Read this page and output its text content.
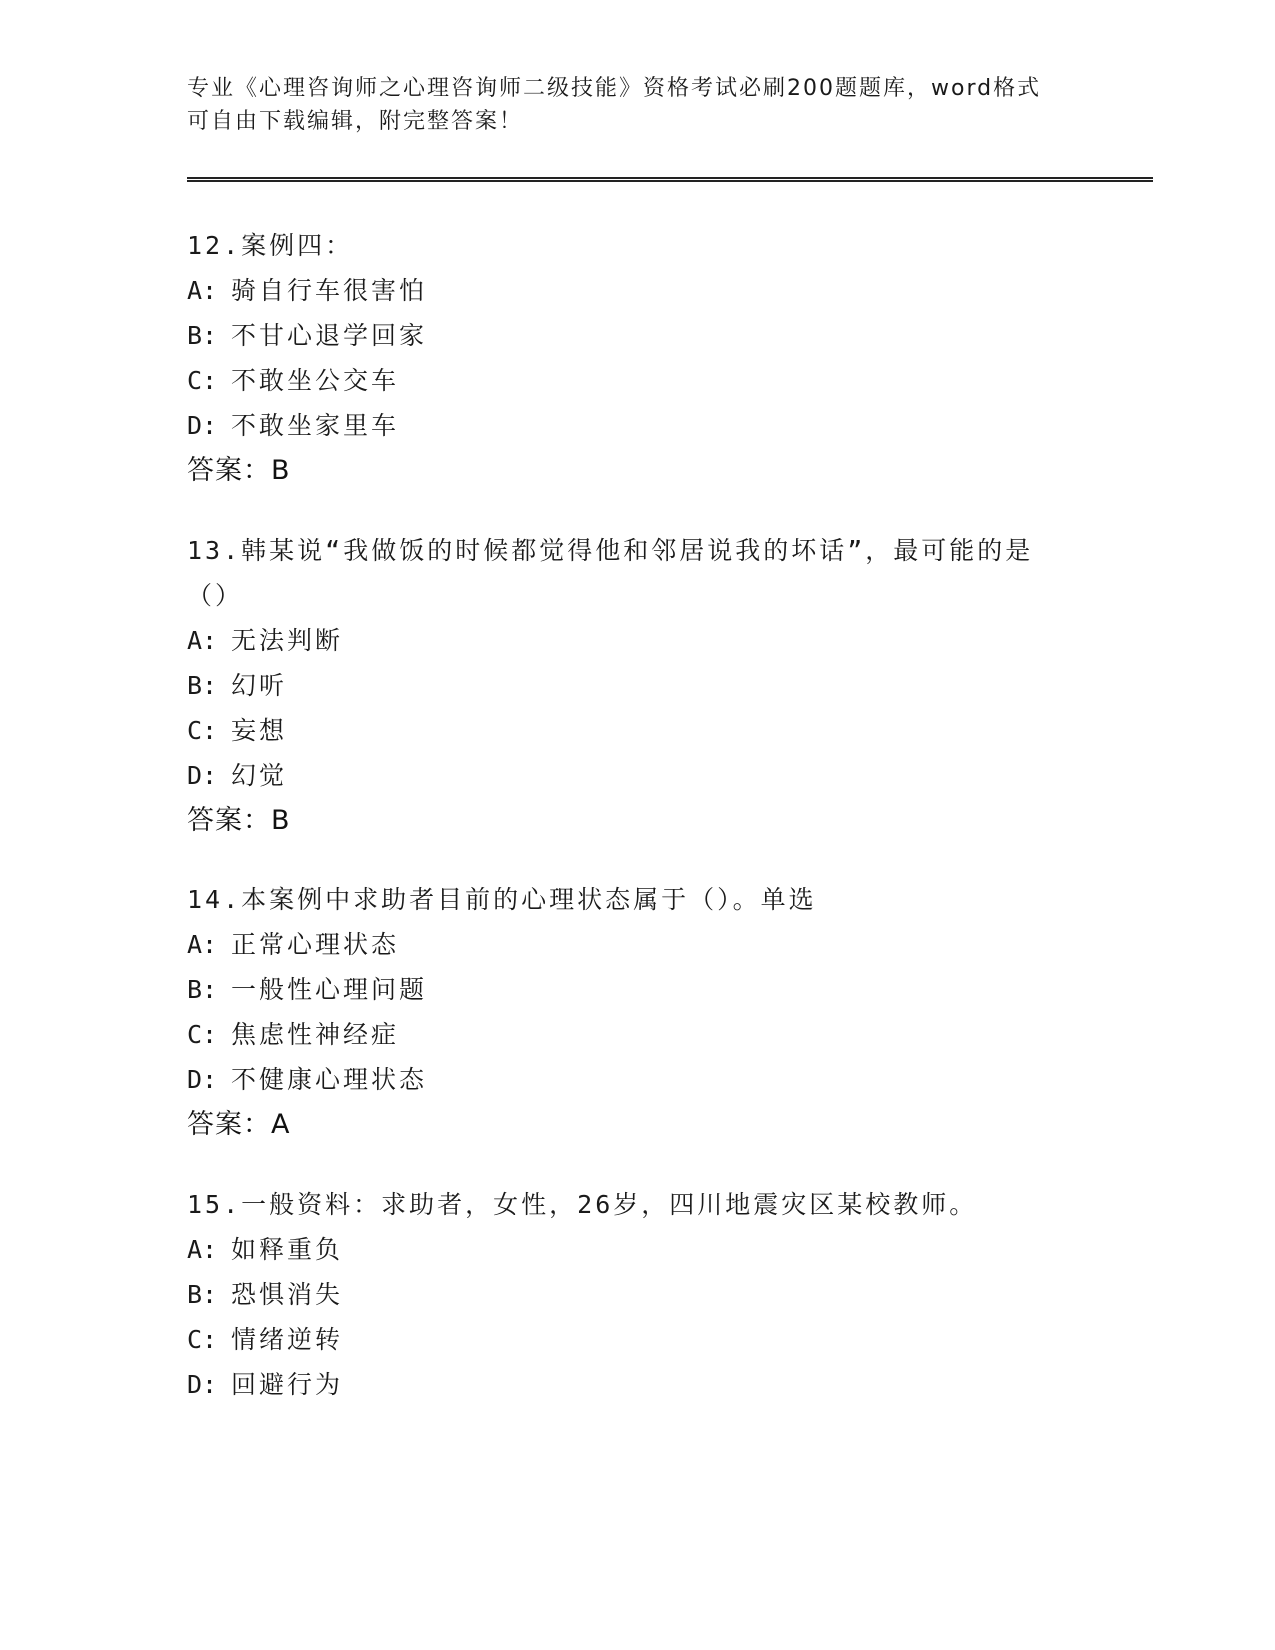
专业《心理咨询师之心理咨询师二级技能》资格考试必刷200题题库，word格式
可自由下载编辑，附完整答案！

12.案例四：

A: 骑自行车很害怕

B: 不甘心退学回家

C: 不敢坐公交车

D: 不敢坐家里车

答案：B

13.韩某说“我做饭的时候都觉得他和邻居说我的坏话”，最可能的是

（）

A: 无法判断

B: 幻听

C: 妄想

D: 幻觉

答案：B

14.本案例中求助者目前的心理状态属于（）。单选

A: 正常心理状态

B: 一般性心理问题

C: 焦虑性神经症

D: 不健康心理状态

答案：A

15.一般资料：求助者，女性，26岁，四川地震灾区某校教师。

A: 如释重负

B: 恐惧消失

C: 情绪逆转

D: 回避行为
